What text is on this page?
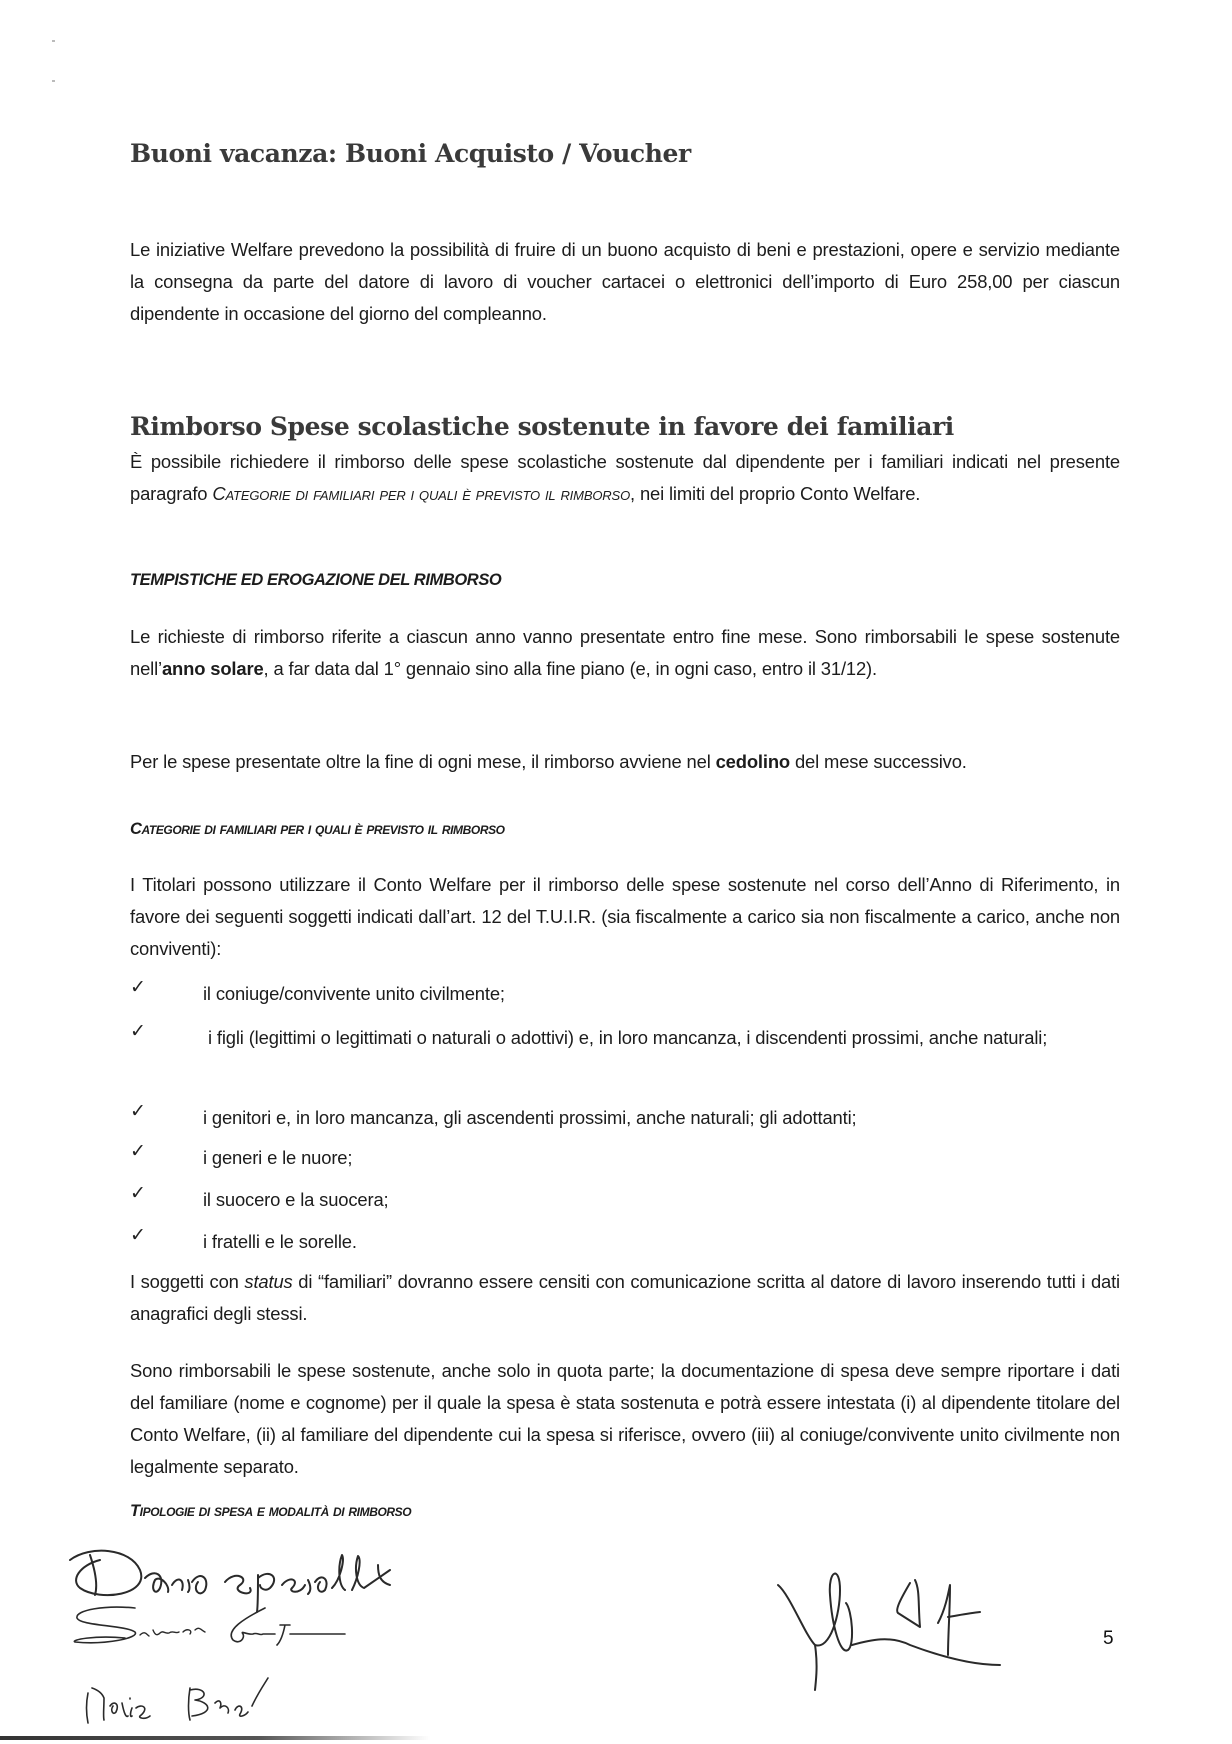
Buoni vacanza: Buoni Acquisto / Voucher
Le iniziative Welfare prevedono la possibilità di fruire di un buono acquisto di beni e prestazioni, opere e servizio mediante la consegna da parte del datore di lavoro di voucher cartacei o elettronici dell’importo di Euro 258,00 per ciascun dipendente in occasione del giorno del compleanno.
Rimborso Spese scolastiche sostenute in favore dei familiari
È possibile richiedere il rimborso delle spese scolastiche sostenute dal dipendente per i familiari indicati nel presente paragrafo Categorie di familiari per i quali è previsto il rimborso, nei limiti del proprio Conto Welfare.
TEMPISTICHE ED EROGAZIONE DEL RIMBORSO
Le richieste di rimborso riferite a ciascun anno vanno presentate entro fine mese. Sono rimborsabili le spese sostenute nell’anno solare, a far data dal 1° gennaio sino alla fine piano (e, in ogni caso, entro il 31/12).
Per le spese presentate oltre la fine di ogni mese, il rimborso avviene nel cedolino del mese successivo.
Categorie di familiari per i quali è previsto il rimborso
I Titolari possono utilizzare il Conto Welfare per il rimborso delle spese sostenute nel corso dell’Anno di Riferimento, in favore dei seguenti soggetti indicati dall’art. 12 del T.U.I.R. (sia fiscalmente a carico sia non fiscalmente a carico, anche non conviventi):
✓	il coniuge/convivente unito civilmente;
✓	i figli (legittimi o legittimati o naturali o adottivi) e, in loro mancanza, i discendenti prossimi, anche naturali;
✓	i genitori e, in loro mancanza, gli ascendenti prossimi, anche naturali; gli adottanti;
✓	i generi e le nuore;
✓	il suocero e la suocera;
✓	i fratelli e le sorelle.
I soggetti con status di “familiari” dovranno essere censiti con comunicazione scritta al datore di lavoro inserendo tutti i dati anagrafici degli stessi.
Sono rimborsabili le spese sostenute, anche solo in quota parte; la documentazione di spesa deve sempre riportare i dati del familiare (nome e cognome) per il quale la spesa è stata sostenuta e potrà essere intestata (i) al dipendente titolare del Conto Welfare, (ii) al familiare del dipendente cui la spesa si riferisce, ovvero (iii) al coniuge/convivente unito civilmente non legalmente separato.
Tipologie di spesa e modalità di rimborso
5
